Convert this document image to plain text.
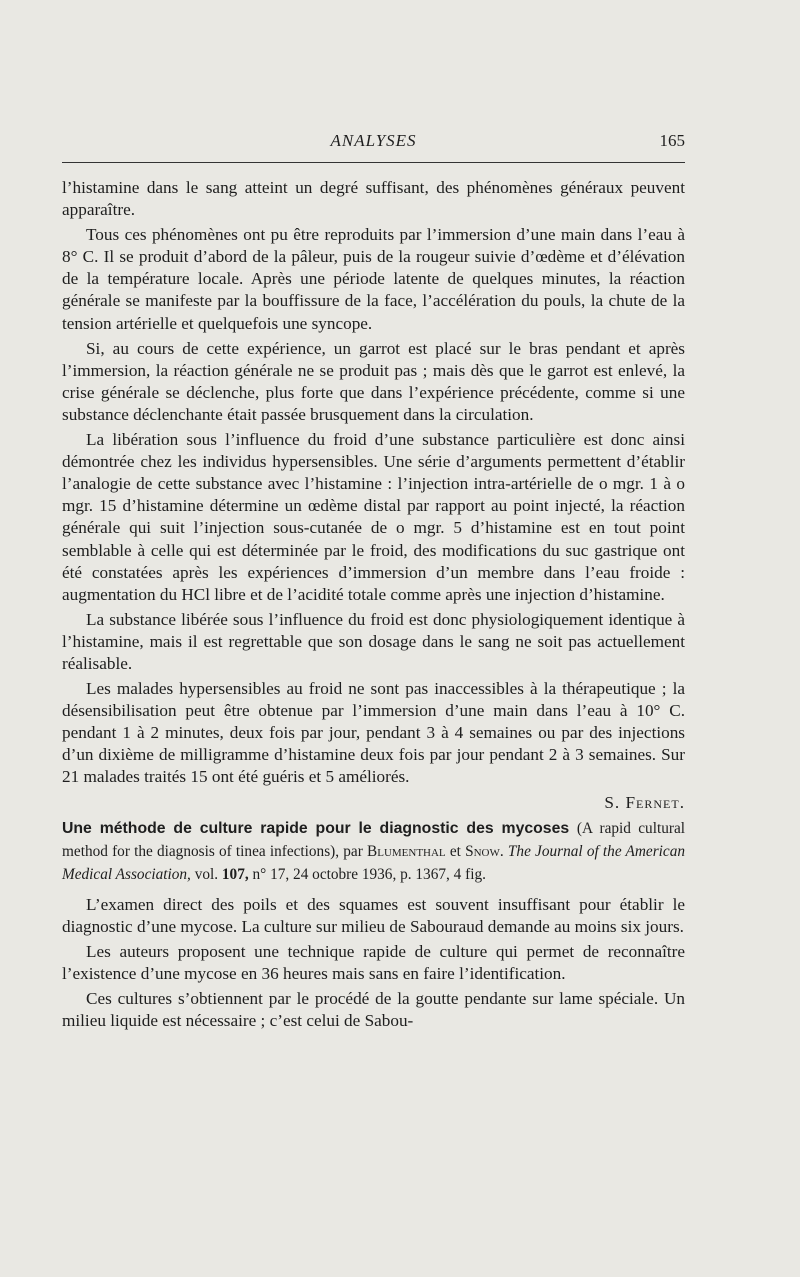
ANALYSES	165

l’histamine dans le sang atteint un degré suffisant, des phénomènes généraux peuvent apparaître.

Tous ces phénomènes ont pu être reproduits par l’immersion d’une main dans l’eau à 8° C. Il se produit d’abord de la pâleur, puis de la rougeur suivie d’œdème et d’élévation de la température locale. Après une période latente de quelques minutes, la réaction générale se manifeste par la bouffissure de la face, l’accélération du pouls, la chute de la tension artérielle et quelquefois une syncope.

Si, au cours de cette expérience, un garrot est placé sur le bras pendant et après l’immersion, la réaction générale ne se produit pas ; mais dès que le garrot est enlevé, la crise générale se déclenche, plus forte que dans l’expérience précédente, comme si une substance déclenchante était passée brusquement dans la circulation.

La libération sous l’influence du froid d’une substance particulière est donc ainsi démontrée chez les individus hypersensibles. Une série d’arguments permettent d’établir l’analogie de cette substance avec l’histamine : l’injection intra-artérielle de o mgr. 1 à o mgr. 15 d’histamine détermine un œdème distal par rapport au point injecté, la réaction générale qui suit l’injection sous-cutanée de o mgr. 5 d’histamine est en tout point semblable à celle qui est déterminée par le froid, des modifications du suc gastrique ont été constatées après les expériences d’immersion d’un membre dans l’eau froide : augmentation du HCl libre et de l’acidité totale comme après une injection d’histamine.

La substance libérée sous l’influence du froid est donc physiologiquement identique à l’histamine, mais il est regrettable que son dosage dans le sang ne soit pas actuellement réalisable.

Les malades hypersensibles au froid ne sont pas inaccessibles à la thérapeutique ; la désensibilisation peut être obtenue par l’immersion d’une main dans l’eau à 10° C. pendant 1 à 2 minutes, deux fois par jour, pendant 3 à 4 semaines ou par des injections d’un dixième de milligramme d’histamine deux fois par jour pendant 2 à 3 semaines. Sur 21 malades traités 15 ont été guéris et 5 améliorés.

S. Fernet.

Une méthode de culture rapide pour le diagnostic des mycoses (A rapid cultural method for the diagnosis of tinea infections), par Blumenthal et Snow. The Journal of the American Medical Association, vol. 107, n° 17, 24 octobre 1936, p. 1367, 4 fig.

L’examen direct des poils et des squames est souvent insuffisant pour établir le diagnostic d’une mycose. La culture sur milieu de Sabouraud demande au moins six jours.

Les auteurs proposent une technique rapide de culture qui permet de reconnaître l’existence d’une mycose en 36 heures mais sans en faire l’identification.

Ces cultures s’obtiennent par le procédé de la goutte pendante sur lame spéciale. Un milieu liquide est nécessaire ; c’est celui de Sabou-
